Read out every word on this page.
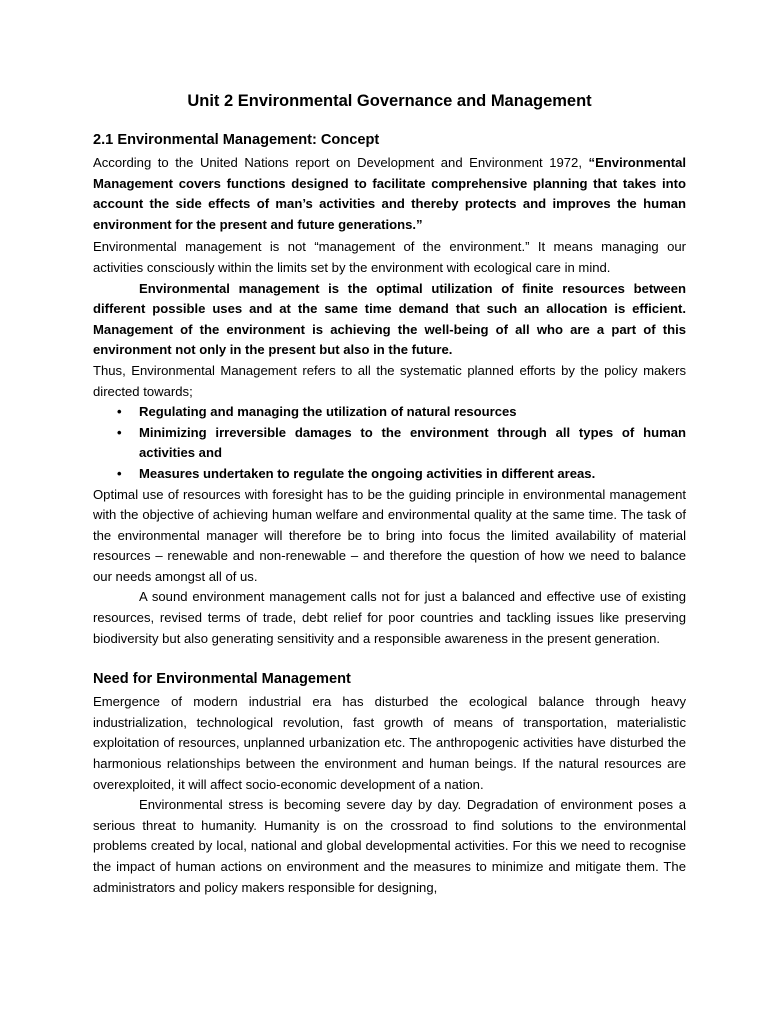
Unit 2 Environmental Governance and Management
2.1 Environmental Management: Concept

According to the United Nations report on Development and Environment 1972, “Environmental Management covers functions designed to facilitate comprehensive planning that takes into account the side effects of man’s activities and thereby protects and improves the human environment for the present and future generations.”

Environmental management is not “management of the environment.” It means managing our activities consciously within the limits set by the environment with ecological care in mind.

Environmental management is the optimal utilization of finite resources between different possible uses and at the same time demand that such an allocation is efficient. Management of the environment is achieving the well-being of all who are a part of this environment not only in the present but also in the future.

Thus, Environmental Management refers to all the systematic planned efforts by the policy makers directed towards;

• Regulating and managing the utilization of natural resources
• Minimizing irreversible damages to the environment through all types of human activities and
• Measures undertaken to regulate the ongoing activities in different areas.

Optimal use of resources with foresight has to be the guiding principle in environmental management with the objective of achieving human welfare and environmental quality at the same time. The task of the environmental manager will therefore be to bring into focus the limited availability of material resources – renewable and non-renewable – and therefore the question of how we need to balance our needs amongst all of us.

A sound environment management calls not for just a balanced and effective use of existing resources, revised terms of trade, debt relief for poor countries and tackling issues like preserving biodiversity but also generating sensitivity and a responsible awareness in the present generation.

Need for Environmental Management

Emergence of modern industrial era has disturbed the ecological balance through heavy industrialization, technological revolution, fast growth of means of transportation, materialistic exploitation of resources, unplanned urbanization etc. The anthropogenic activities have disturbed the harmonious relationships between the environment and human beings. If the natural resources are overexploited, it will affect socio-economic development of a nation.

Environmental stress is becoming severe day by day. Degradation of environment poses a serious threat to humanity. Humanity is on the crossroad to find solutions to the environmental problems created by local, national and global developmental activities. For this we need to recognise the impact of human actions on environment and the measures to minimize and mitigate them. The administrators and policy makers responsible for designing,
